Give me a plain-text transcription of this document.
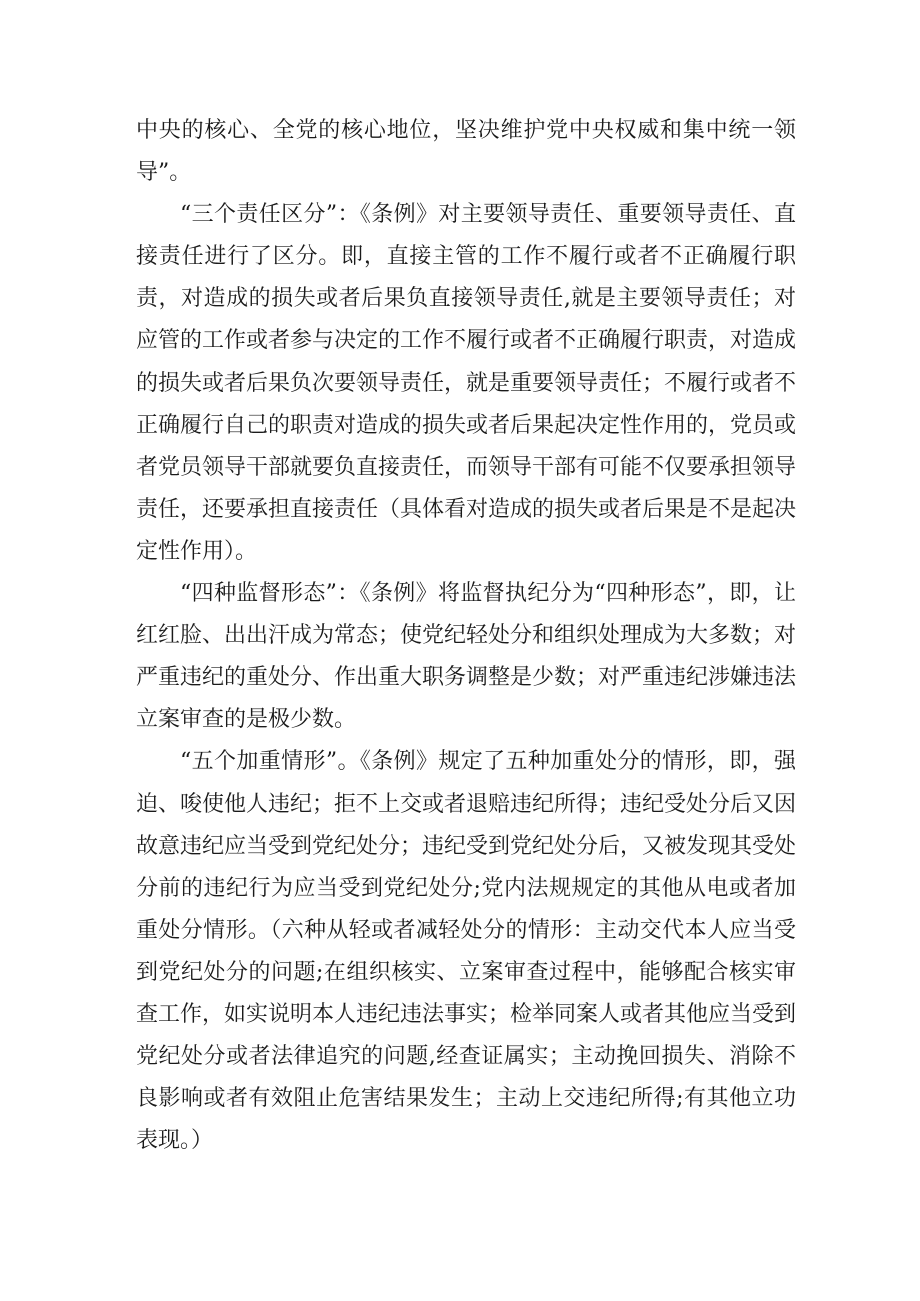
中央的核心、全党的核心地位，坚决维护党中央权威和集中统一领导”。

“三个责任区分”：《条例》对主要领导责任、重要领导责任、直接责任进行了区分。即，直接主管的工作不履行或者不正确履行职责，对造成的损失或者后果负直接领导责任,就是主要领导责任；对应管的工作或者参与决定的工作不履行或者不正确履行职责，对造成的损失或者后果负次要领导责任，就是重要领导责任；不履行或者不正确履行自己的职责对造成的损失或者后果起决定性作用的，党员或者党员领导干部就要负直接责任，而领导干部有可能不仅要承担领导责任，还要承担直接责任（具体看对造成的损失或者后果是不是起决定性作用）。

“四种监督形态”：《条例》将监督执纪分为“四种形态”，即，让红红脸、出出汗成为常态；使党纪轻处分和组织处理成为大多数；对严重违纪的重处分、作出重大职务调整是少数；对严重违纪涉嫌违法立案审查的是极少数。

“五个加重情形”。《条例》规定了五种加重处分的情形，即，强迫、唆使他人违纪；拒不上交或者退赔违纪所得；违纪受处分后又因故意违纪应当受到党纪处分；违纪受到党纪处分后，又被发现其受处分前的违纪行为应当受到党纪处分;党内法规规定的其他从电或者加重处分情形。（六种从轻或者减轻处分的情形：主动交代本人应当受到党纪处分的问题;在组织核实、立案审查过程中，能够配合核实审查工作，如实说明本人违纪违法事实；检举同案人或者其他应当受到党纪处分或者法律追究的问题,经查证属实；主动挽回损失、消除不良影响或者有效阻止危害结果发生；主动上交违纪所得;有其他立功表现。）
